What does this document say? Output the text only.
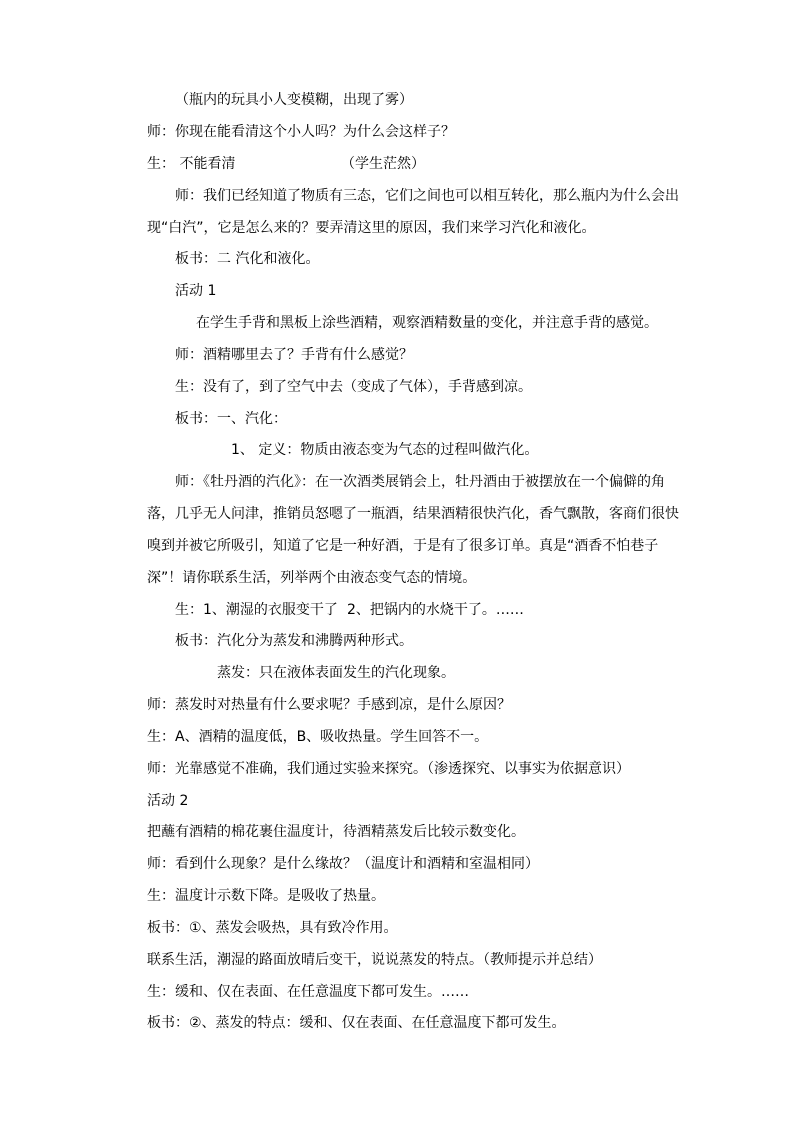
（瓶内的玩具小人变模糊，出现了雾）
师：你现在能看清这个小人吗？为什么会这样子？
生： 不能看清	（学生茫然）
师：我们已经知道了物质有三态，它们之间也可以相互转化，那么瓶内为什么会出
现“白汽”，它是怎么来的？要弄清这里的原因，我们来学习汽化和液化。
板书：二 汽化和液化。
活动 1
在学生手背和黑板上涂些酒精，观察酒精数量的变化，并注意手背的感觉。
师：酒精哪里去了？手背有什么感觉？
生：没有了，到了空气中去（变成了气体），手背感到凉。
板书：一、汽化：
1、 定义：物质由液态变为气态的过程叫做汽化。
师：《牡丹酒的汽化》：在一次酒类展销会上，牡丹酒由于被摆放在一个偏僻的角
落，几乎无人问津，推销员怒嗯了一瓶酒，结果酒精很快汽化，香气飘散，客商们很快
嗅到并被它所吸引，知道了它是一种好酒，于是有了很多订单。真是“酒香不怕巷子
深”！请你联系生活，列举两个由液态变气态的情境。
生：1、潮湿的衣服变干了 2、把锅内的水烧干了。……
板书：汽化分为蒸发和沸腾两种形式。
蒸发：只在液体表面发生的汽化现象。
师：蒸发时对热量有什么要求呢？手感到凉，是什么原因？
生：A、酒精的温度低，B、吸收热量。学生回答不一。
师：光靠感觉不准确，我们通过实验来探究。（渗透探究、以事实为依据意识）
活动 2
把蘸有酒精的棉花裹住温度计，待酒精蒸发后比较示数变化。
师：看到什么现象？是什么缘故？（温度计和酒精和室温相同）
生：温度计示数下降。是吸收了热量。
板书：①、蒸发会吸热，具有致冷作用。
联系生活，潮湿的路面放晴后变干，说说蒸发的特点。（教师提示并总结）
生：缓和、仅在表面、在任意温度下都可发生。……
板书：②、蒸发的特点：缓和、仅在表面、在任意温度下都可发生。
